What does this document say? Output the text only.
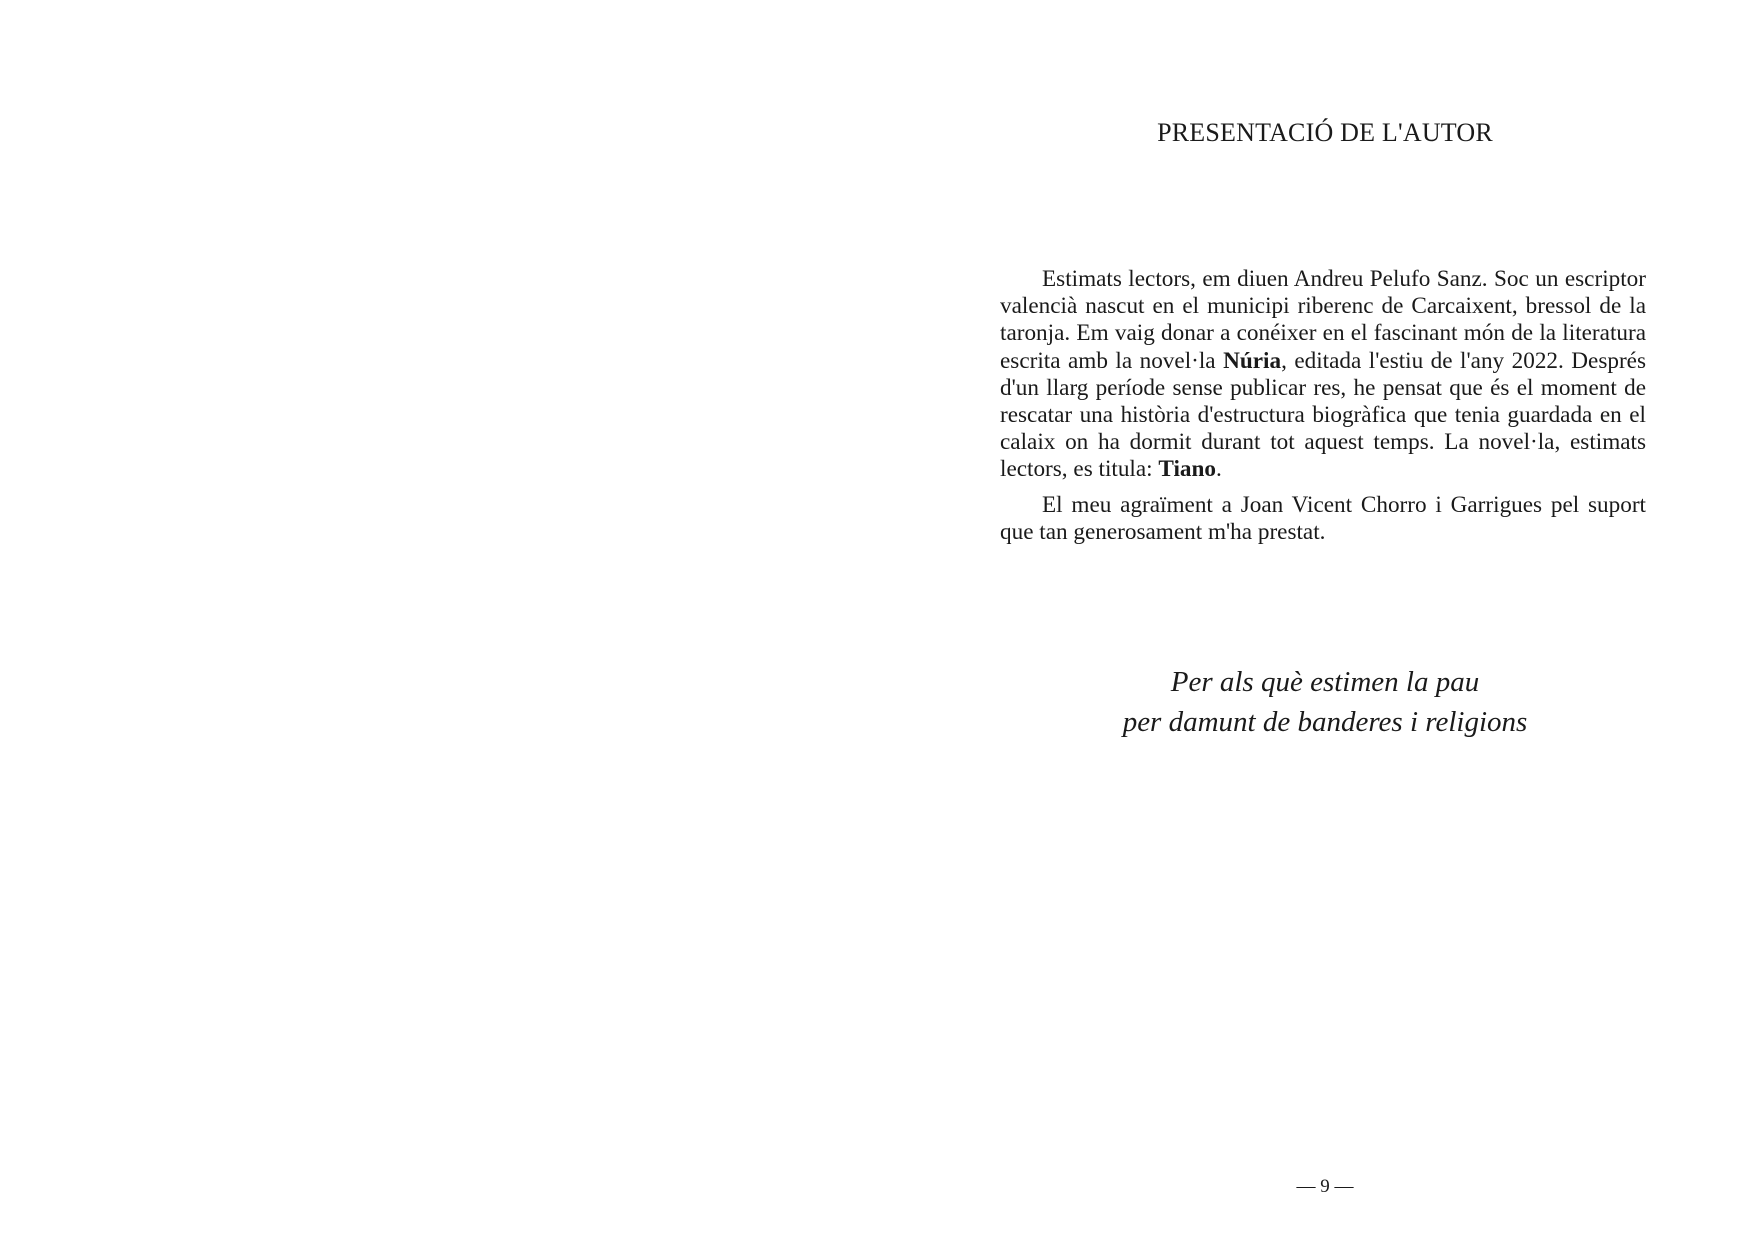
PRESENTACIÓ DE L'AUTOR

Estimats lectors, em diuen Andreu Pelufo Sanz. Soc un escriptor valencià nascut en el municipi riberenc de Carcaixent, bressol de la taronja. Em vaig donar a conéixer en el fascinant món de la literatura escrita amb la novel·la Núria, editada l'estiu de l'any 2022. Després d'un llarg període sense publicar res, he pensat que és el moment de rescatar una història d'estructura biogràfica que tenia guardada en el calaix on ha dormit durant tot aquest temps. La novel·la, estimats lectors, es titula: Tiano.

El meu agraïment a Joan Vicent Chorro i Garrigues pel suport que tan generosament m'ha prestat.

Per als què estimen la pau
per damunt de banderes i religions
— 9 —
